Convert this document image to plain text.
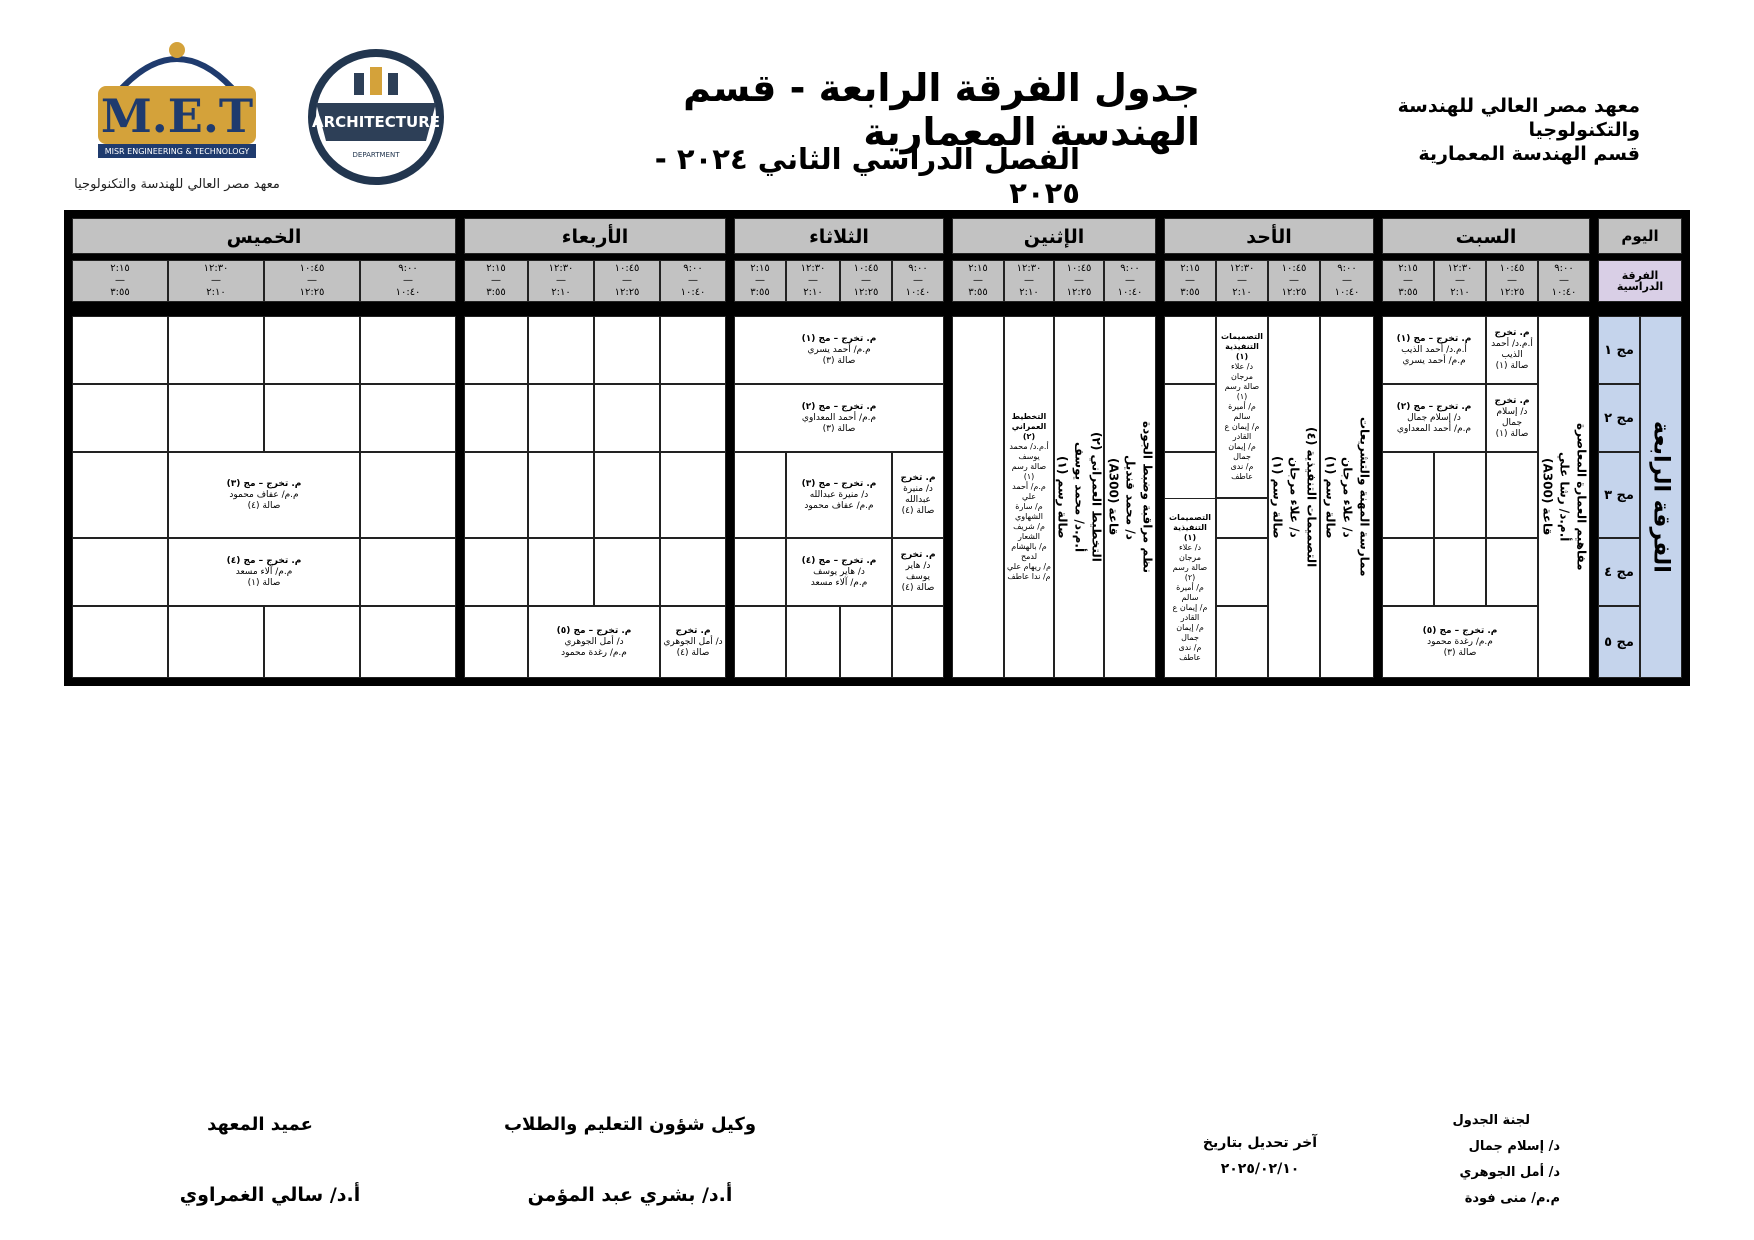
M.E.T
MISR ENGINEERING & TECHNOLOGY
معهد مصر العالي للهندسة والتكنولوجيا
ARCHITECTURE
DEPARTMENT
جدول الفرقة الرابعة - قسم الهندسة المعمارية
الفصل الدراسي الثاني ٢٠٢٤ - ٢٠٢٥
معهد مصر العالي للهندسة والتكنولوجيا
قسم الهندسة المعمارية
اليوم
الفرقة الدراسية
السبت
الأحد
الإثنين
الثلاثاء
الأربعاء
الخميس
٩:٠٠
—
١٠:٤٠
١٠:٤٥
—
١٢:٢٥
١٢:٣٠
—
٢:١٠
٢:١٥
—
٣:٥٥
٩:٠٠
—
١٠:٤٠
١٠:٤٥
—
١٢:٢٥
١٢:٣٠
—
٢:١٠
٢:١٥
—
٣:٥٥
٩:٠٠
—
١٠:٤٠
١٠:٤٥
—
١٢:٢٥
١٢:٣٠
—
٢:١٠
٢:١٥
—
٣:٥٥
٩:٠٠
—
١٠:٤٠
١٠:٤٥
—
١٢:٢٥
١٢:٣٠
—
٢:١٠
٢:١٥
—
٣:٥٥
٩:٠٠
—
١٠:٤٠
١٠:٤٥
—
١٢:٢٥
١٢:٣٠
—
٢:١٠
٢:١٥
—
٣:٥٥
٩:٠٠
—
١٠:٤٠
١٠:٤٥
—
١٢:٢٥
١٢:٣٠
—
٢:١٠
٢:١٥
—
٣:٥٥
الفرقة الرابعة
مج ١
مج ٢
مج ٣
مج ٤
مج ٥
مفاهيم العمارة المعاصرة
أ.م.د/ رشا علي
قاعة (A300)
م. تخرج
أ.م.د/ أحمد الذيب
صالة (١)
م. تخرج – مج (١)
أ.م.د/ أحمد الذيب
م.م/ أحمد يسري
م. تخرج
د/ إسلام جمال
صالة (١)
م. تخرج – مج (٢)
د/ إسلام جمال
م.م/ أحمد المعداوي
م. تخرج – مج (٥)
م.م/ رغدة محمود
صالة (٣)
ممارسة المهنة والتشريعات
د/ علاء مرجان
صالة رسم (١)
التصميمات التنفيذية (٤)
د/ علاء مرجان
صالة رسم (١)
التصميمات التنفيذية (١)
د/ علاء مرجان
صالة رسم (١)
م/ أميرة سالم
م/ إيمان ع القادر
م/ إيمان جمال
م/ ندى عاطف
التصميمات التنفيذية (١)
د/ علاء مرجان
صالة رسم (٢)
م/ أميرة سالم
م/ إيمان ع القادر
م/ إيمان جمال
م/ ندى عاطف
نظم مراقبة وضبط الجودة
د/ محمد قنديل
قاعة (A300)
التخطيط العمراني (٢)
أ.م.د/ محمد يوسف
صالة رسم (١)
التخطيط العمراني (٢)
أ.م.د/ محمد
يوسف
صالة رسم (١)
م.م/ أحمد علي
م/ سارة الشهاوي
م/ شريف الشعار
م/ بالهشام لدمح
م/ ريهام علي
م/ ندا عاطف
م. تخرج – مج (١)
م.م/ أحمد يسري
صالة (٣)
م. تخرج – مج (٢)
م.م/ أحمد المعداوي
صالة (٣)
م. تخرج
د/ منيرة عبدالله
صالة (٤)
م. تخرج – مج (٣)
د/ منيرة عبدالله
م.م/ عفاف محمود
م. تخرج
د/ هاير يوسف
صالة (٤)
م. تخرج – مج (٤)
د/ هاير يوسف
م.م/ آلاء مسعد
م. تخرج
د/ أمل الجوهري
صالة (٤)
م. تخرج – مج (٥)
د/ أمل الجوهري
م.م/ رغدة محمود
م. تخرج – مج (٣)
م.م/ عفاف محمود
صالة (٤)
م. تخرج – مج (٤)
م.م/ آلاء مسعد
صالة (١)
لجنة الجدول
د/ إسلام جمال
د/ أمل الجوهري
م.م/ منى فودة
آخر تحديل بتاريخ
٢٠٢٥/٠٢/١٠
وكيل شؤون التعليم والطلاب
أ.د/ بشري عبد المؤمن
عميد المعهد
أ.د/ سالي الغمراوي
